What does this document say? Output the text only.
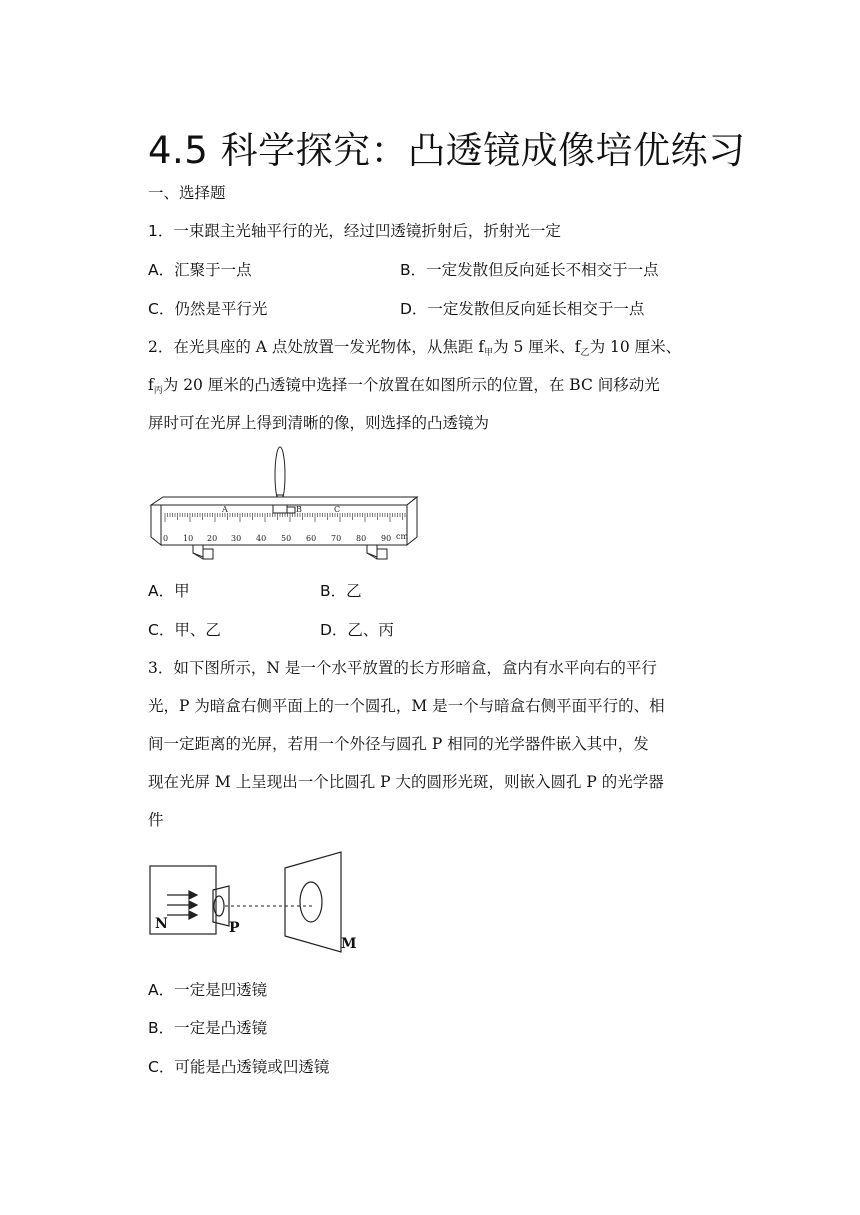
4.5 科学探究：凸透镜成像培优练习
一、选择题
1．一束跟主光轴平行的光，经过凹透镜折射后，折射光一定
A．汇聚于一点	B．一定发散但反向延长不相交于一点
C．仍然是平行光	D．一定发散但反向延长相交于一点
2．在光具座的 A 点处放置一发光物体，从焦距 $f_甲$为 5 厘米、$f_乙$为 10 厘米、
$f_丙$为 20 厘米的凸透镜中选择一个放置在如图所示的位置，在 BC 间移动光
屏时可在光屏上得到清晰的像，则选择的凸透镜为
A	B	C
0 10 20 30 40 50 60 70 80 90 cm
A．甲	B．乙
C．甲、乙	D．乙、丙
3．如下图所示，N 是一个水平放置的长方形暗盒，盒内有水平向右的平行
光，P 为暗盒右侧平面上的一个圆孔，M 是一个与暗盒右侧平面平行的、相
间一定距离的光屏，若用一个外径与圆孔 P 相同的光学器件嵌入其中，发
现在光屏 M 上呈现出一个比圆孔 P 大的圆形光斑，则嵌入圆孔 P 的光学器
件
N	P
M
A．一定是凹透镜
B．一定是凸透镜
C．可能是凸透镜或凹透镜
